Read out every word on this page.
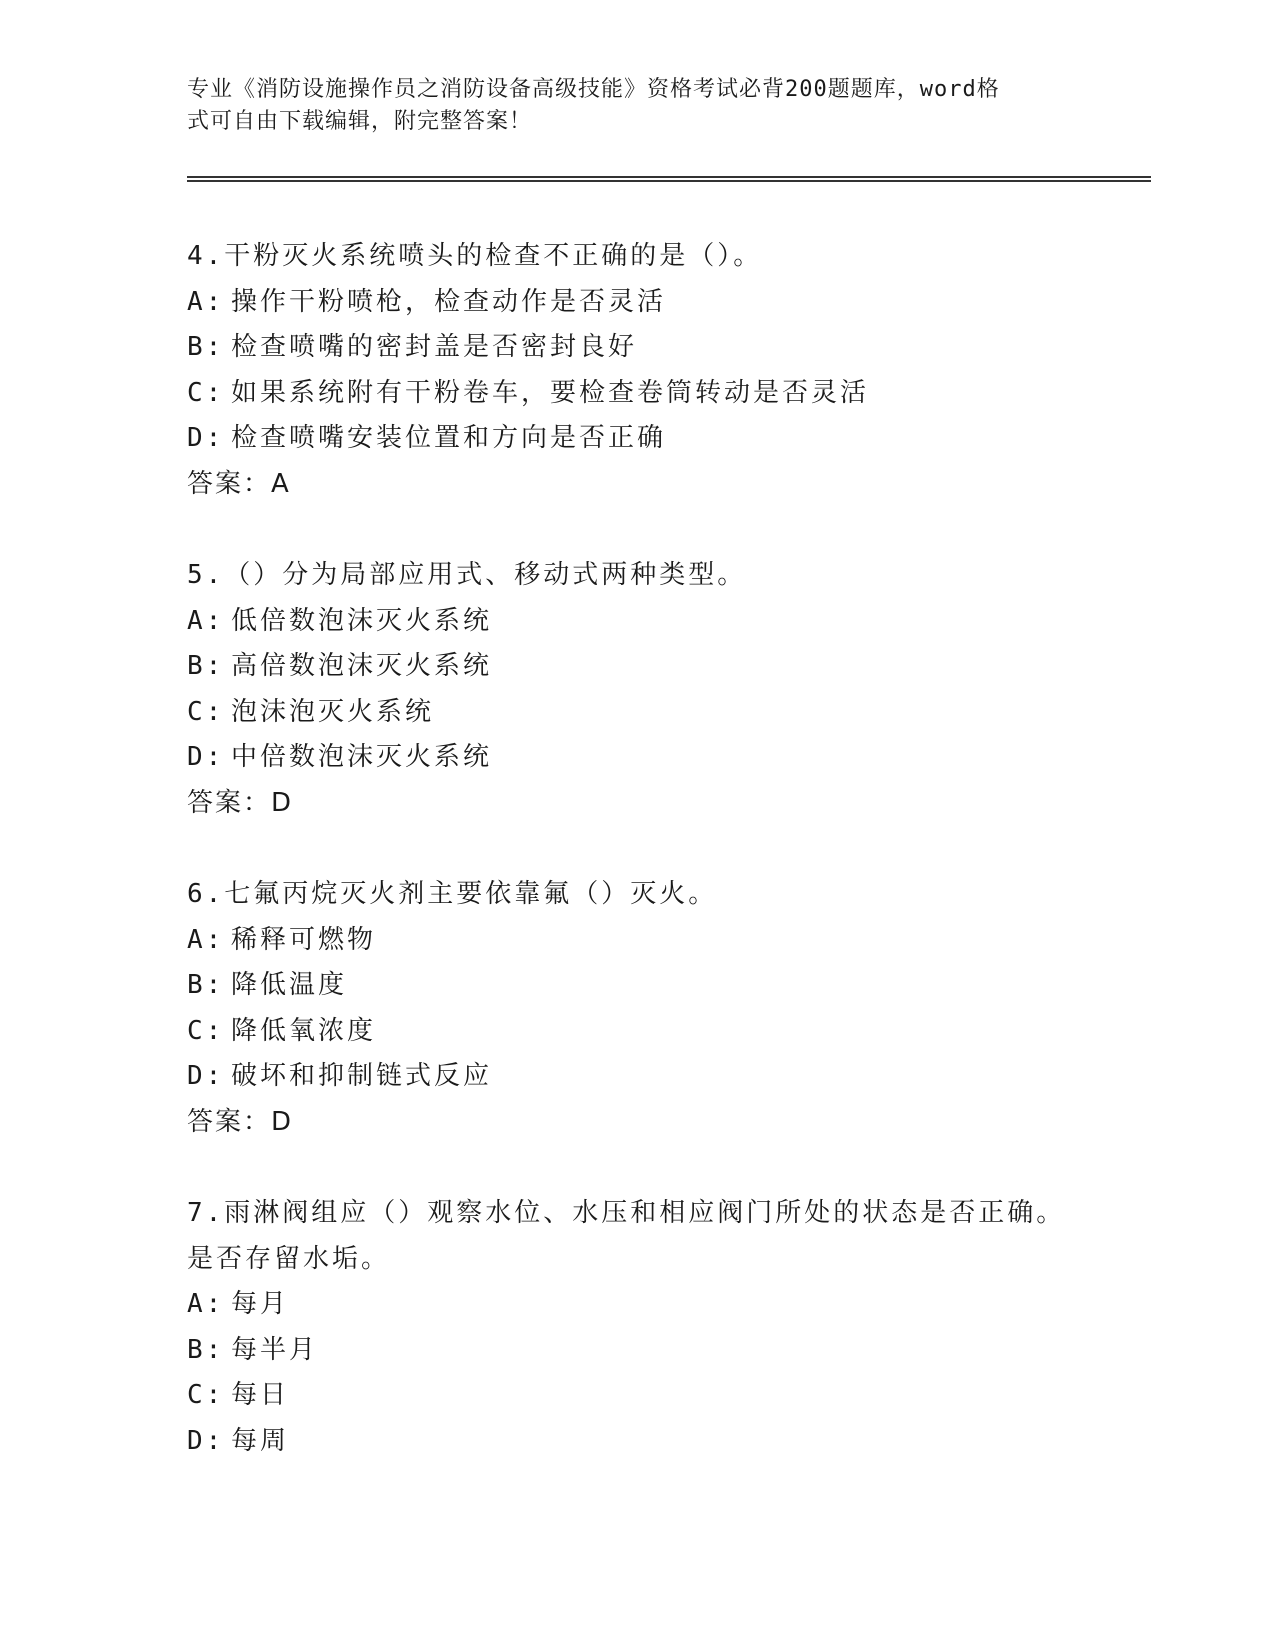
专业《消防设施操作员之消防设备高级技能》资格考试必背200题题库，word格
式可自由下载编辑，附完整答案！
4.干粉灭火系统喷头的检查不正确的是（）。
A: 操作干粉喷枪，检查动作是否灵活
B: 检查喷嘴的密封盖是否密封良好
C: 如果系统附有干粉卷车，要检查卷筒转动是否灵活
D: 检查喷嘴安装位置和方向是否正确
答案：A
5.（）分为局部应用式、移动式两种类型。
A: 低倍数泡沫灭火系统
B: 高倍数泡沫灭火系统
C: 泡沫泡灭火系统
D: 中倍数泡沫灭火系统
答案：D
6.七氟丙烷灭火剂主要依靠氟（）灭火。
A: 稀释可燃物
B: 降低温度
C: 降低氧浓度
D: 破坏和抑制链式反应
答案：D
7.雨淋阀组应（）观察水位、水压和相应阀门所处的状态是否正确。
是否存留水垢。
A: 每月
B: 每半月
C: 每日
D: 每周
